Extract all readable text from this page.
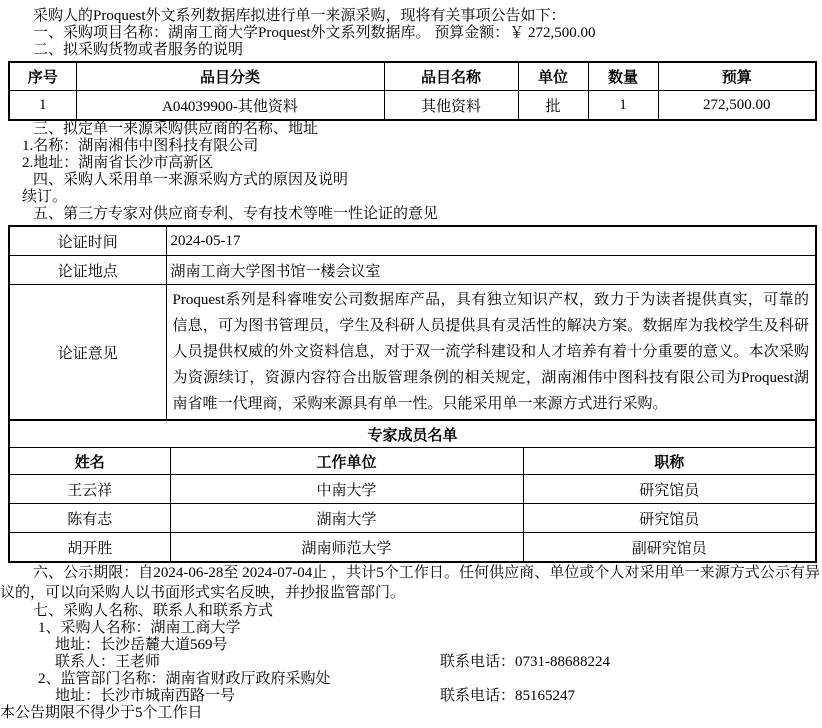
采购人的Proquest外文系列数据库拟进行单一来源采购，现将有关事项公告如下：

一、采购项目名称：湖南工商大学Proquest外文系列数据库。 预算金额：￥ 272,500.00

二、拟采购货物或者服务的说明

序号	品目分类	品目名称	单位	数量	预算
1	A04039900-其他资料	其他资料	批	1	272,500.00

三、拟定单一来源采购供应商的名称、地址

1.名称：湖南湘伟中图科技有限公司

2.地址：湖南省长沙市高新区

四、采购人采用单一来源采购方式的原因及说明

续订。

五、第三方专家对供应商专利、专有技术等唯一性论证的意见

论证时间	2024-05-17
论证地点	湖南工商大学图书馆一楼会议室
论证意见	Proquest系列是科睿唯安公司数据库产品，具有独立知识产权，致力于为读者提供真实，可靠的信息，可为图书管理员，学生及科研人员提供具有灵活性的解决方案。数据库为我校学生及科研人员提供权威的外文资料信息，对于双一流学科建设和人才培养有着十分重要的意义。本次采购为资源续订，资源内容符合出版管理条例的相关规定，湖南湘伟中图科技有限公司为Proquest湖南省唯一代理商，采购来源具有单一性。只能采用单一来源方式进行采购。
专家成员名单		
姓名	工作单位	职称
王云祥	中南大学	研究馆员
陈有志	湖南大学	研究馆员
胡开胜	湖南师范大学	副研究馆员

六、公示期限：自2024-06-28至 2024-07-04止 ，共计5个工作日。任何供应商、单位或个人对采用单一来源方式公示有异议的，可以向采购人以书面形式实名反映，并抄报监管部门。

七、采购人名称、联系人和联系方式

1、采购人名称：湖南工商大学

地址：长沙岳麓大道569号

联系人：王老师	联系电话：0731-88688224

2、监管部门名称：湖南省财政厅政府采购处

地址：长沙市城南西路一号	联系电话：85165247

本公告期限不得少于5个工作日
